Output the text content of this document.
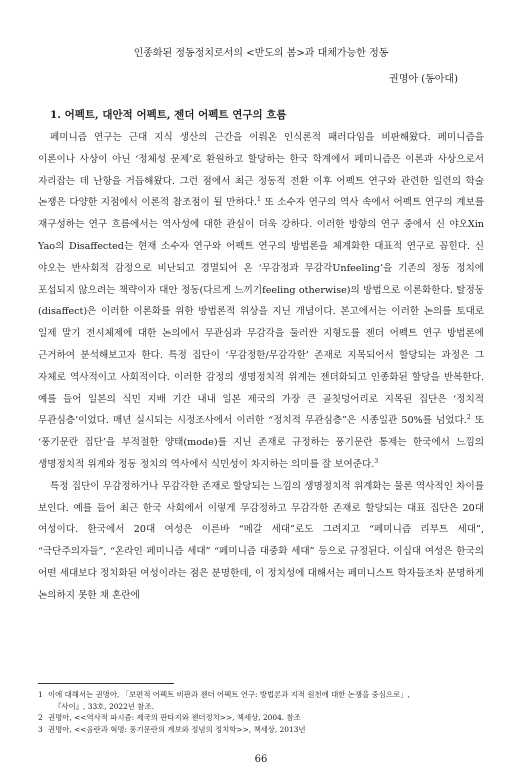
인종화된 정동정치로서의 <반도의 봄>과 대체가능한 정동
권명아 (동아대)
1. 어펙트, 대안적 어펙트, 젠더 어펙트 연구의 흐름

페미니즘 연구는 근대 지식 생산의 근간을 이뤄온 인식론적 패러다임을 비판해왔다. 페미니즘을 이론이나 사상이 아닌 ‘정체성 문제’로 환원하고 할당하는 한국 학계에서 페미니즘은 이론과 사상으로서 자리잡는 데 난항을 거듭해왔다. 그런 점에서 최근 정동적 전환 이후 어펙트 연구와 관련한 일련의 학술 논쟁은 다양한 지점에서 이론적 참조점이 될 만하다.$^1$ 또 소수자 연구의 역사 속에서 어펙트 연구의 계보를 재구성하는 연구 흐름에서는 역사성에 대한 관심이 더욱 강하다. 이러한 방향의 연구 중에서 신 야오Xin Yao의 Disaffected는 현재 소수자 연구와 어펙트 연구의 방법론을 체계화한 대표적 연구로 꼽힌다. 신 야오는 반사회적 감정으로 비난되고 경멸되어 온 ‘무감정과 무감각Unfeeling’을 기존의 정동 정치에 포섭되지 않으려는 책략이자 대안 정동(다르게 느끼기feeling otherwise)의 방법으로 이론화한다. 탈정동(disaffect)은 이러한 이론화를 위한 방법론적 위상을 지닌 개념이다. 본고에서는 이러한 논의를 토대로 일제 말기 전시체제에 대한 논의에서 무관심과 무감각을 둘러싼 지형도를 젠더 어펙트 연구 방법론에 근거하여 분석해보고자 한다. 특정 집단이 ‘무감정한/무감각한’ 존재로 지목되어서 할당되는 과정은 그 자체로 역사적이고 사회적이다. 이러한 감정의 생명정치적 위계는 젠더화되고 인종화된 할당을 반복한다. 예를 들어 일본의 식민 지배 기간 내내 일본 제국의 가장 큰 골칫덩어리로 지목된 집단은 ‘정치적 무관심층’이었다. 매년 실시되는 시정조사에서 이러한 “정치적 무관심층”은 시종일관 50%를 넘었다.$^2$ 또 ‘풍기문란 집단’을 부적절한 양태(mode)를 지닌 존재로 규정하는 풍기문란 통제는 한국에서 느낌의 생명정치적 위계와 정동 정치의 역사에서 식민성이 차지하는 의미를 잘 보여준다.$^3$

특정 집단이 무감정하거나 무감각한 존재로 할당되는 느낌의 생명정치적 위계화는 물론 역사적인 차이를 보인다. 예를 들어 최근 한국 사회에서 이렇게 무감정하고 무감각한 존재로 할당되는 대표 집단은 20대 여성이다. 한국에서 20대 여성은 이른바 “메갈 세대”로도 그려지고 “페미니즘 리부트 세대”, “극단주의자들”, “온라인 페미니즘 세대” “페미니즘 대중화 세대” 등으로 규정된다. 이십대 여성은 한국의 어떤 세대보다 정치화된 여성이라는 점은 분명한데, 이 정치성에 대해서는 페미니스트 학자들조차 분명하게 논의하지 못한 채 혼란에

1 이에 대해서는 권명아, 「보편적 어펙트 비판과 젠더 어펙트 연구: 방법론과 지적 원천에 대한 논쟁을 중심으로」,

『사이』, 33호, 2022년 참조.

2 권명아, <<역사적 파시즘: 제국의 판타지와 젠더정치>>, 책세상, 2004. 참조

3 권명아, <<음란과 혁명: 풍기문란의 계보와 정념의 정치학>>, 책세상, 2013년

66
